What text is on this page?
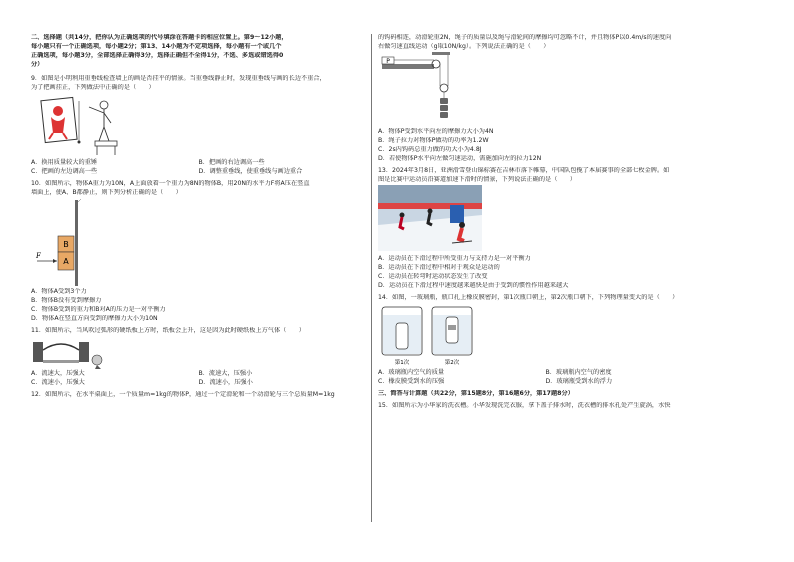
二、选择题（共14分，把你认为正确选项的代号填涂在答题卡的相应位置上。第9～12小题，
每小题只有一个正确选项，每小题2分；第13、14小题为不定项选择，每小题有一个或几个
正确选项，每小题3分，全部选择正确得3分，选择正确但不全得1分，不选、多选或错选得0
分）
9．如图是小明利用重垂线检查墙上的画是否挂平的情景。当重垂线静止时，发现重垂线与画的长边不重合，
为了把画挂正，下列做法中正确的是（　　）
A．换用质量较大的重锤	B．把画的右边调高一些
C．把画的左边调高一些	D．调整重垂线，使重垂线与画边重合
10．如图所示，物体A重力为10N，A上面放着一个重力为8N的物体B，用20N的水平力F将A压在竖直
墙面上，使A、B都静止，则下列分析正确的是（　　）
B
A
F
A．物体A受到3个力
B．物体B没有受到摩擦力
C．物体B受到的重力和B对A的压力是一对平衡力
D．物体A在竖直方向受到的摩擦力大小为10N
11．如图所示，当风吹过弧形的硬纸板上方时，纸板会上升，这是因为此时硬纸板上方气体（　　）
A．流速大，压强大	B．流速大，压强小
C．流速小，压强大	D．流速小，压强小
12．如图所示，在水平桌面上，一个质量m=1kg的物体P，通过一个定滑轮和一个动滑轮与三个总质量M=1kg
的钩码相连，动滑轮重2N，绳子的质量以及绳与滑轮间的摩擦均可忽略不计，并且物体P以0.4m/s的速度向
右做匀速直线运动（g取10N/kg）。下列说法正确的是（　　）
P
A．物体P受到水平向左的摩擦力大小为4N
B．绳子拉力对物体P做功的功率为1.2W
C．2s内钩码总重力做的功大小为4.8J
D．若使物体P水平向左做匀速运动，需施加向左的拉力12N
13．2024年3月8日，亚洲滑雪登山锦标赛在吉林市落下帷幕，中国队包揽了本届赛事的全部七枚金牌。如
图是比赛中运动员沿赛道加速下滑时的情景，下列说法正确的是（　　）
A．运动员在下滑过程中所受重力与支持力是一对平衡力
B．运动员在下滑过程中相对于观众是运动的
C．运动员在转弯时运动状态发生了改变
D．运动员在下滑过程中速度越来越快是由于受到的惯性作用越来越大
14．如图，一玻璃瓶，瓶口扎上橡皮膜密封，第1次瓶口朝上，第2次瓶口朝下，下列物理量变大的是（　　）
第1次	第2次
A．玻璃瓶内空气的质量	B．玻璃瓶内空气的密度
C．橡皮膜受到水的压强	D．玻璃瓶受到水的浮力
三、简答与计算题（共22分，第15题8分，第16题6分，第17题8分）
15．如图所示为小华家的洗衣槽。小华发现洗完衣服，拿下盖子排水时，洗衣槽的排水孔处产生旋涡，水快
